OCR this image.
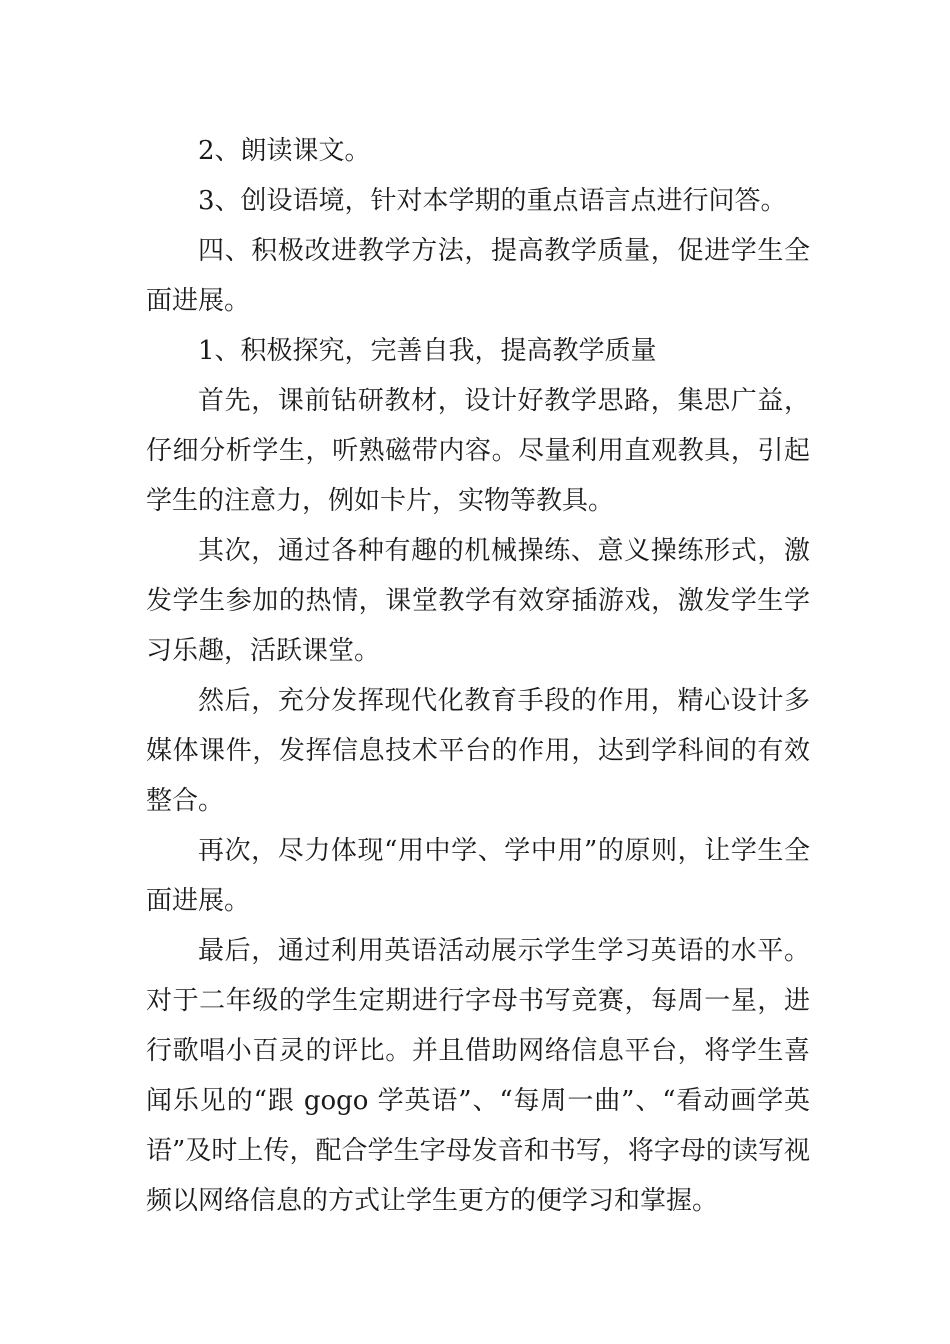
2、朗读课文。

3、创设语境，针对本学期的重点语言点进行问答。

四、积极改进教学方法，提高教学质量，促进学生全面进展。

1、积极探究，完善自我，提高教学质量

首先，课前钻研教材，设计好教学思路，集思广益，仔细分析学生，听熟磁带内容。尽量利用直观教具，引起学生的注意力，例如卡片，实物等教具。

其次，通过各种有趣的机械操练、意义操练形式，激发学生参加的热情，课堂教学有效穿插游戏，激发学生学习乐趣，活跃课堂。

然后，充分发挥现代化教育手段的作用，精心设计多媒体课件，发挥信息技术平台的作用，达到学科间的有效整合。

再次，尽力体现“用中学、学中用”的原则，让学生全面进展。

最后，通过利用英语活动展示学生学习英语的水平。对于二年级的学生定期进行字母书写竞赛，每周一星，进行歌唱小百灵的评比。并且借助网络信息平台，将学生喜闻乐见的“跟 gogo 学英语”、“每周一曲”、“看动画学英语”及时上传，配合学生字母发音和书写，将字母的读写视频以网络信息的方式让学生更方的便学习和掌握。
